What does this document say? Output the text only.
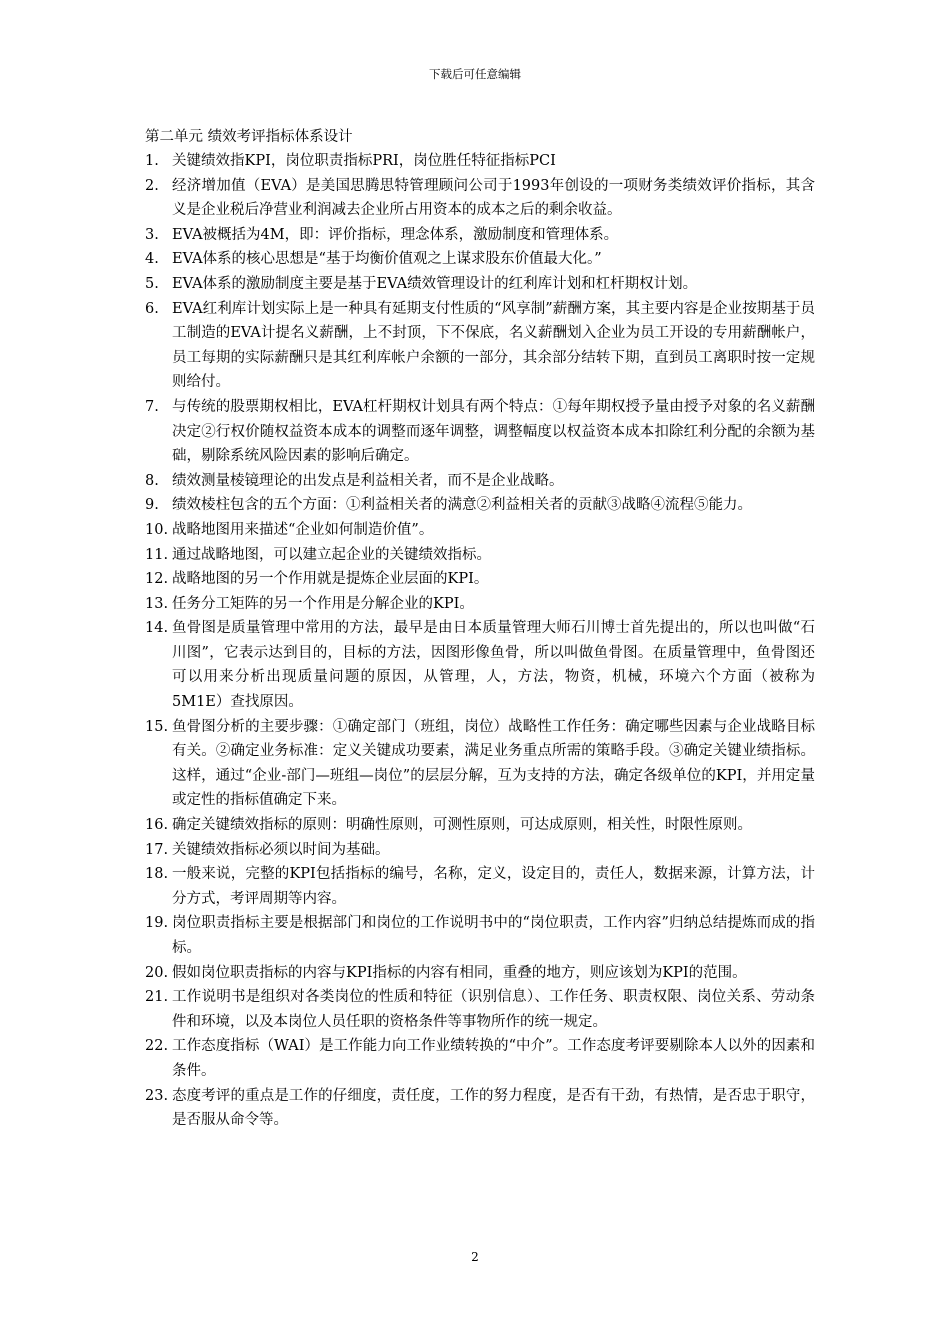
下载后可任意编辑
第二单元 绩效考评指标体系设计
1. 关键绩效指KPI，岗位职责指标PRI，岗位胜任特征指标PCI
2. 经济增加值（EVA）是美国思腾思特管理顾问公司于1993年创设的一项财务类绩效评价指标，其含义是企业税后净营业利润减去企业所占用资本的成本之后的剩余收益。
3. EVA被概括为4M，即：评价指标，理念体系，激励制度和管理体系。
4. EVA体系的核心思想是“基于均衡价值观之上谋求股东价值最大化。”
5. EVA体系的激励制度主要是基于EVA绩效管理设计的红利库计划和杠杆期权计划。
6. EVA红利库计划实际上是一种具有延期支付性质的“风享制”薪酬方案，其主要内容是企业按期基于员工制造的EVA计提名义薪酬，上不封顶，下不保底，名义薪酬划入企业为员工开设的专用薪酬帐户，员工每期的实际薪酬只是其红利库帐户余额的一部分，其余部分结转下期，直到员工离职时按一定规则给付。
7. 与传统的股票期权相比，EVA杠杆期权计划具有两个特点：①每年期权授予量由授予对象的名义薪酬决定②行权价随权益资本成本的调整而逐年调整，调整幅度以权益资本成本扣除红利分配的余额为基础，剔除系统风险因素的影响后确定。
8. 绩效测量棱镜理论的出发点是利益相关者，而不是企业战略。
9. 绩效棱柱包含的五个方面：①利益相关者的满意②利益相关者的贡献③战略④流程⑤能力。
10. 战略地图用来描述“企业如何制造价值”。
11. 通过战略地图，可以建立起企业的关键绩效指标。
12. 战略地图的另一个作用就是提炼企业层面的KPI。
13. 任务分工矩阵的另一个作用是分解企业的KPI。
14. 鱼骨图是质量管理中常用的方法，最早是由日本质量管理大师石川博士首先提出的，所以也叫做“石川图”，它表示达到目的，目标的方法，因图形像鱼骨，所以叫做鱼骨图。在质量管理中，鱼骨图还可以用来分析出现质量问题的原因，从管理，人，方法，物资，机械，环境六个方面（被称为5M1E）查找原因。
15. 鱼骨图分析的主要步骤：①确定部门（班组，岗位）战略性工作任务：确定哪些因素与企业战略目标有关。②确定业务标准：定义关键成功要素，满足业务重点所需的策略手段。③确定关键业绩指标。这样，通过“企业-部门—班组—岗位”的层层分解，互为支持的方法，确定各级单位的KPI，并用定量或定性的指标值确定下来。
16. 确定关键绩效指标的原则：明确性原则，可测性原则，可达成原则，相关性，时限性原则。
17. 关键绩效指标必须以时间为基础。
18. 一般来说，完整的KPI包括指标的编号，名称，定义，设定目的，责任人，数据来源，计算方法，计分方式，考评周期等内容。
19. 岗位职责指标主要是根据部门和岗位的工作说明书中的“岗位职责，工作内容”归纳总结提炼而成的指标。
20. 假如岗位职责指标的内容与KPI指标的内容有相同，重叠的地方，则应该划为KPI的范围。
21. 工作说明书是组织对各类岗位的性质和特征（识别信息）、工作任务、职责权限、岗位关系、劳动条件和环境，以及本岗位人员任职的资格条件等事物所作的统一规定。
22. 工作态度指标（WAI）是工作能力向工作业绩转换的“中介”。工作态度考评要剔除本人以外的因素和条件。
23. 态度考评的重点是工作的仔细度，责任度，工作的努力程度，是否有干劲，有热情，是否忠于职守，是否服从命令等。
2
